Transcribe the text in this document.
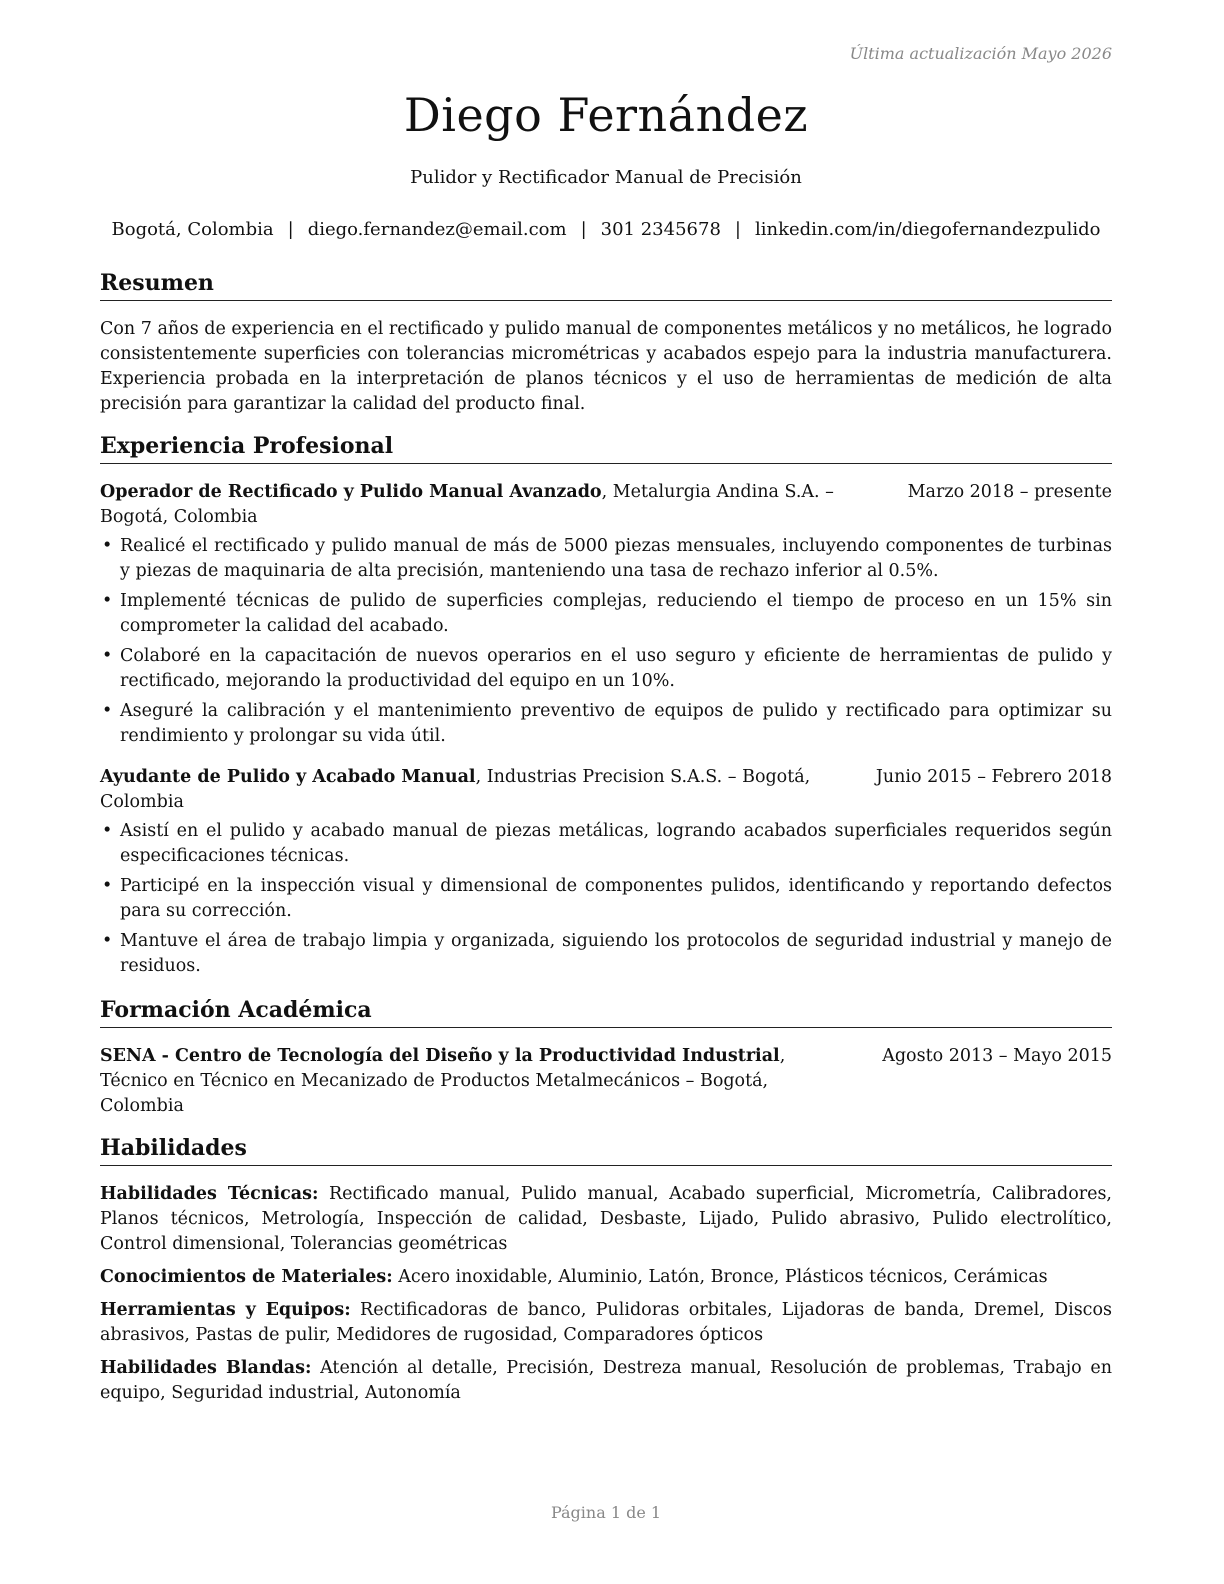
Última actualización Mayo 2026
Diego Fernández
Pulidor y Rectificador Manual de Precisión
Bogotá, Colombia | diego.fernandez@email.com | 301 2345678 | linkedin.com/in/diegofernandezpulido
Resumen

Con 7 años de experiencia en el rectificado y pulido manual de componentes metálicos y no metálicos, he logrado consistentemente superficies con tolerancias micrométricas y acabados espejo para la industria manufacturera. Experiencia probada en la interpretación de planos técnicos y el uso de herramientas de medición de alta precisión para garantizar la calidad del producto final.

Experiencia Profesional
Operador de Rectificado y Pulido Manual Avanzado, Metalurgia Andina S.A. – Bogotá, Colombia
Marzo 2018 – presente
• Realicé el rectificado y pulido manual de más de 5000 piezas mensuales, incluyendo componentes de turbinas y piezas de maquinaria de alta precisión, manteniendo una tasa de rechazo inferior al 0.5%.
• Implementé técnicas de pulido de superficies complejas, reduciendo el tiempo de proceso en un 15% sin comprometer la calidad del acabado.
• Colaboré en la capacitación de nuevos operarios en el uso seguro y eficiente de herramientas de pulido y rectificado, mejorando la productividad del equipo en un 10%.
• Aseguré la calibración y el mantenimiento preventivo de equipos de pulido y rectificado para optimizar su rendimiento y prolongar su vida útil.
Ayudante de Pulido y Acabado Manual, Industrias Precision S.A.S. – Bogotá, Colombia
Junio 2015 – Febrero 2018
• Asistí en el pulido y acabado manual de piezas metálicas, logrando acabados superficiales requeridos según especificaciones técnicas.
• Participé en la inspección visual y dimensional de componentes pulidos, identificando y reportando defectos para su corrección.
• Mantuve el área de trabajo limpia y organizada, siguiendo los protocolos de seguridad industrial y manejo de residuos.
Formación Académica
SENA - Centro de Tecnología del Diseño y la Productividad Industrial, Técnico en Técnico en Mecanizado de Productos Metalmecánicos – Bogotá, Colombia
Agosto 2013 – Mayo 2015
Habilidades

Habilidades Técnicas: Rectificado manual, Pulido manual, Acabado superficial, Micrometría, Calibradores, Planos técnicos, Metrología, Inspección de calidad, Desbaste, Lijado, Pulido abrasivo, Pulido electrolítico, Control dimensional, Tolerancias geométricas

Conocimientos de Materiales: Acero inoxidable, Aluminio, Latón, Bronce, Plásticos técnicos, Cerámicas

Herramientas y Equipos: Rectificadoras de banco, Pulidoras orbitales, Lijadoras de banda, Dremel, Discos abrasivos, Pastas de pulir, Medidores de rugosidad, Comparadores ópticos

Habilidades Blandas: Atención al detalle, Precisión, Destreza manual, Resolución de problemas, Trabajo en equipo, Seguridad industrial, Autonomía

Página 1 de 1
